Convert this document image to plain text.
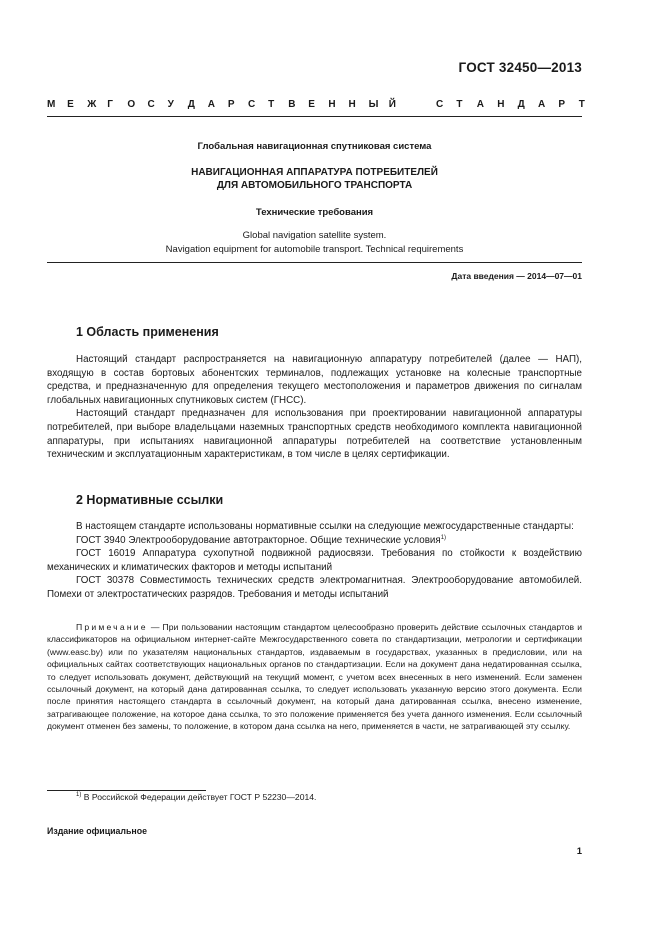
ГОСТ 32450—2013
М Е Ж Г О С У Д А Р С Т В Е Н Н Ы Й	С Т А Н Д А Р Т
Глобальная навигационная спутниковая система
НАВИГАЦИОННАЯ АППАРАТУРА ПОТРЕБИТЕЛЕЙ
ДЛЯ АВТОМОБИЛЬНОГО ТРАНСПОРТА
Технические требования
Global navigation satellite system.
Navigation equipment for automobile transport. Technical requirements
Дата введения — 2014—07—01
1 Область применения

Настоящий стандарт распространяется на навигационную аппаратуру потребителей (далее — НАП), входящую в состав бортовых абонентских терминалов, подлежащих установке на колесные транспортные средства, и предназначенную для определения текущего местоположения и параметров движения по сигналам глобальных навигационных спутниковых систем (ГНСС).

Настоящий стандарт предназначен для использования при проектировании навигационной аппаратуры потребителей, при выборе владельцами наземных транспортных средств необходимого комплекта навигационной аппаратуры, при испытаниях навигационной аппаратуры потребителей на соответствие установленным техническим и эксплуатационным характеристикам, в том числе в целях сертификации.

2 Нормативные ссылки

В настоящем стандарте использованы нормативные ссылки на следующие межгосударственные стандарты:

ГОСТ 3940 Электрооборудование автотракторное. Общие технические условия$^{1)}$

ГОСТ 16019 Аппаратура сухопутной подвижной радиосвязи. Требования по стойкости к воздействию механических и климатических факторов и методы испытаний

ГОСТ 30378 Совместимость технических средств электромагнитная. Электрооборудование автомобилей. Помехи от электростатических разрядов. Требования и методы испытаний

Примечание — При пользовании настоящим стандартом целесообразно проверить действие ссылочных стандартов и классификаторов на официальном интернет-сайте Межгосударственного совета по стандартизации, метрологии и сертификации (www.easc.by) или по указателям национальных стандартов, издаваемым в государствах, указанных в предисловии, или на официальных сайтах соответствующих национальных органов по стандартизации. Если на документ дана недатированная ссылка, то следует использовать документ, действующий на текущий момент, с учетом всех внесенных в него изменений. Если заменен ссылочный документ, на который дана датированная ссылка, то следует использовать указанную версию этого документа. Если после принятия настоящего стандарта в ссылочный документ, на который дана датированная ссылка, внесено изменение, затрагивающее положение, на которое дана ссылка, то это положение применяется без учета данного изменения. Если ссылочный документ отменен без замены, то положение, в котором дана ссылка на него, применяется в части, не затрагивающей эту ссылку.

$^{1)}$ В Российской Федерации действует ГОСТ Р 52230—2014.
Издание официальное
1
